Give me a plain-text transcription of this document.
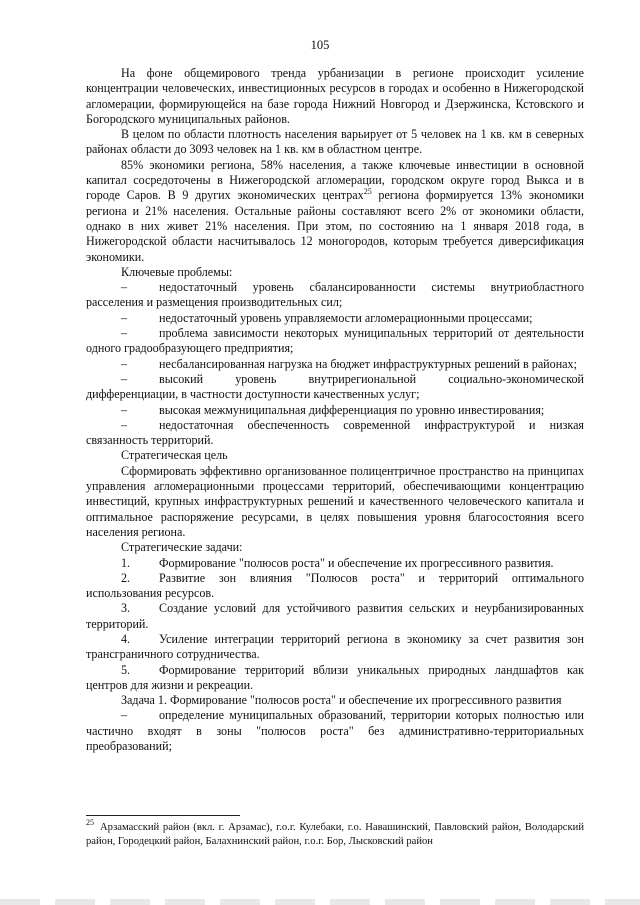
105

На фоне общемирового тренда урбанизации в регионе происходит усиление концентрации человеческих, инвестиционных ресурсов в городах и особенно в Нижегородской агломерации, формирующейся на базе города Нижний Новгород и Дзержинска, Кстовского и Богородского муниципальных районов.

В целом по области плотность населения варьирует от 5 человек на 1 кв. км в северных районах области до 3093 человек на 1 кв. км в областном центре.

85% экономики региона, 58% населения, а также ключевые инвестиции в основной капитал сосредоточены в Нижегородской агломерации, городском округе город Выкса и в городе Саров. В 9 других экономических центрах$^{25}$ региона формируется 13% экономики региона и 21% населения. Остальные районы составляют всего 2% от экономики области, однако в них живет 21% населения. При этом, по состоянию на 1 января 2018 года, в Нижегородской области насчитывалось 12 моногородов, которым требуется диверсификация экономики.

Ключевые проблемы:

–	недостаточный уровень сбалансированности системы внутриобластного расселения и размещения производительных сил;

–	недостаточный уровень управляемости агломерационными процессами;

–	проблема зависимости некоторых муниципальных территорий от деятельности одного градообразующего предприятия;

–	несбалансированная нагрузка на бюджет инфраструктурных решений в районах;

–	высокий уровень внутрирегиональной социально-экономической дифференциации, в частности доступности качественных услуг;

–	высокая межмуниципальная дифференциация по уровню инвестирования;

–	недостаточная обеспеченность современной инфраструктурой и низкая связанность территорий.

Стратегическая цель

Сформировать эффективно организованное полицентричное пространство на принципах управления агломерационными процессами территорий, обеспечивающими концентрацию инвестиций, крупных инфраструктурных решений и качественного человеческого капитала и оптимальное распоряжение ресурсами, в целях повышения уровня благосостояния всего населения региона.

Стратегические задачи:

1. Формирование "полюсов роста" и обеспечение их прогрессивного развития.

2. Развитие зон влияния "Полюсов роста" и территорий оптимального использования ресурсов.

3. Создание условий для устойчивого развития сельских и неурбанизированных территорий.

4. Усиление интеграции территорий региона в экономику за счет развития зон трансграничного сотрудничества.

5. Формирование территорий вблизи уникальных природных ландшафтов как центров для жизни и рекреации.

Задача 1. Формирование "полюсов роста" и обеспечение их прогрессивного развития

–	определение муниципальных образований, территории которых полностью или частично входят в зоны "полюсов роста" без административно-территориальных преобразований;

$^{25}$ Арзамасский район (вкл. г. Арзамас), г.о.г. Кулебаки, г.о. Навашинский, Павловский район, Володарский район, Городецкий район, Балахнинский район, г.о.г. Бор, Лысковский район
